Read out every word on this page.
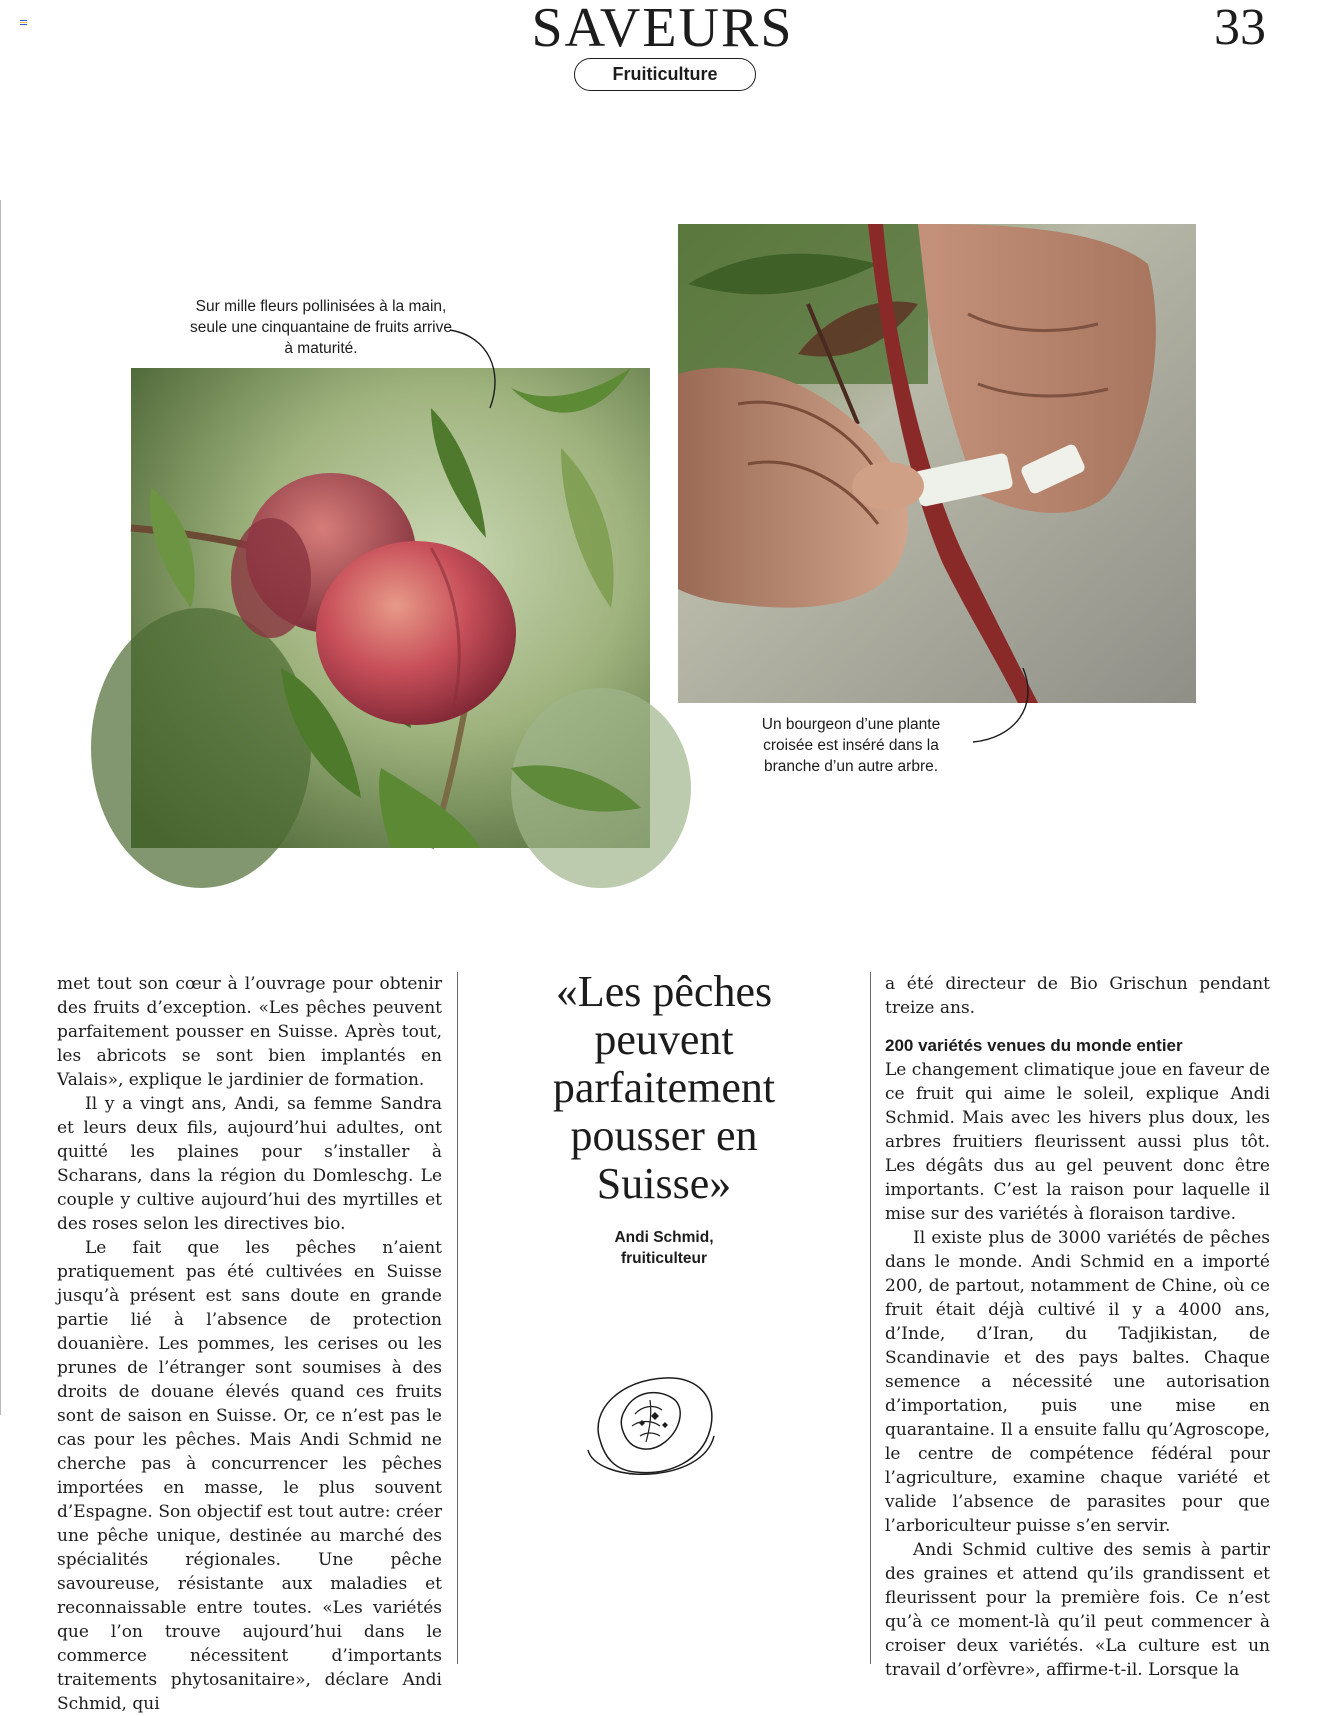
SAVEURS	33
Fruiticulture
Sur mille fleurs pollinisées à la main, seule une cinquantaine de fruits arrive à maturité.
Un bourgeon d’une plante croisée est inséré dans la branche d’un autre arbre.

met tout son cœur à l’ouvrage pour obtenir des fruits d’exception. «Les pêches peuvent parfaitement pousser en Suisse. Après tout, les abricots se sont bien implantés en Valais», explique le jardinier de formation.

Il y a vingt ans, Andi, sa femme Sandra et leurs deux fils, aujourd’hui adultes, ont quitté les plaines pour s’installer à Scharans, dans la région du Domleschg. Le couple y cultive aujourd’hui des myrtilles et des roses selon les directives bio.

Le fait que les pêches n’aient pratiquement pas été cultivées en Suisse jusqu’à présent est sans doute en grande partie lié à l’absence de protection douanière. Les pommes, les cerises ou les prunes de l’étranger sont soumises à des droits de douane élevés quand ces fruits sont de saison en Suisse. Or, ce n’est pas le cas pour les pêches. Mais Andi Schmid ne cherche pas à concurrencer les pêches importées en masse, le plus souvent d’Espagne. Son objectif est tout autre: créer une pêche unique, destinée au marché des spécialités régionales. Une pêche savoureuse, résistante aux maladies et reconnaissable entre toutes. «Les variétés que l’on trouve aujourd’hui dans le commerce nécessitent d’importants traitements phytosanitaire», déclare Andi Schmid, qui

«Les pêches peuvent parfaitement pousser en Suisse»
Andi Schmid,
fruiticulteur

a été directeur de Bio Grischun pendant treize ans.

200 variétés venues du monde entier

Le changement climatique joue en faveur de ce fruit qui aime le soleil, explique Andi Schmid. Mais avec les hivers plus doux, les arbres fruitiers fleurissent aussi plus tôt. Les dégâts dus au gel peuvent donc être importants. C’est la raison pour laquelle il mise sur des variétés à floraison tardive.

Il existe plus de 3000 variétés de pêches dans le monde. Andi Schmid en a importé 200, de partout, notamment de Chine, où ce fruit était déjà cultivé il y a 4000 ans, d’Inde, d’Iran, du Tadjikistan, de Scandinavie et des pays baltes. Chaque semence a nécessité une autorisation d’importation, puis une mise en quarantaine. Il a ensuite fallu qu’Agroscope, le centre de compétence fédéral pour l’agriculture, examine chaque variété et valide l’absence de parasites pour que l’arboriculteur puisse s’en servir.

Andi Schmid cultive des semis à partir des graines et attend qu’ils grandissent et fleurissent pour la première fois. Ce n’est qu’à ce moment-là qu’il peut commencer à croiser deux variétés. «La culture est un travail d’orfèvre», affirme-t-il. Lorsque la
